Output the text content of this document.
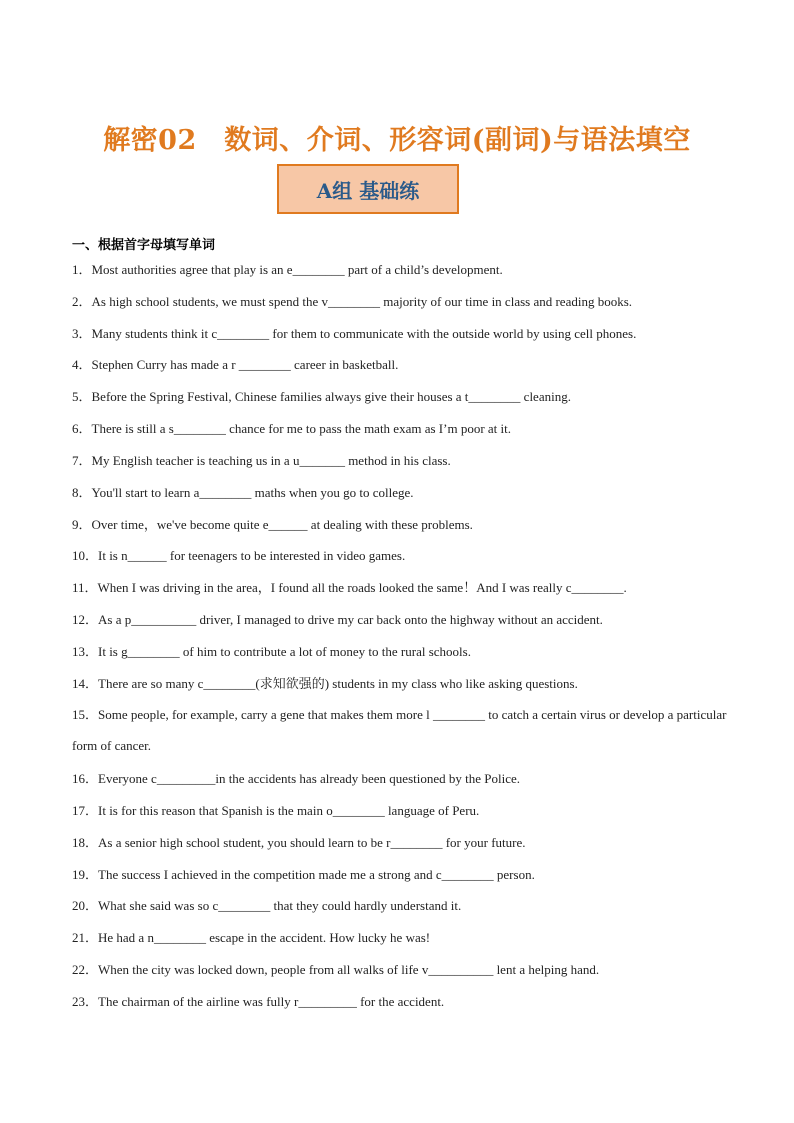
解密02　数词、介词、形容词(副词)与语法填空
A组 基础练
一、根据首字母填写单词
1．Most authorities agree that play is an e________ part of a child’s development.
2．As high school students, we must spend the v________ majority of our time in class and reading books.
3．Many students think it c________ for them to communicate with the outside world by using cell phones.
4．Stephen Curry has made a r ________ career in basketball.
5．Before the Spring Festival, Chinese families always give their houses a t________ cleaning.
6．There is still a s________ chance for me to pass the math exam as I’m poor at it.
7．My English teacher is teaching us in a u_______ method in his class.
8．You'll start to learn a________ maths when you go to college.
9．Over time，we've become quite e______ at dealing with these problems.
10．It is n______ for teenagers to be interested in video games.
11．When I was driving in the area，I found all the roads looked the same！And I was really c________.
12．As a p__________ driver, I managed to drive my car back onto the highway without an accident.
13．It is g________ of him to contribute a lot of money to the rural schools.
14．There are so many c________(求知欲强的) students in my class who like asking questions.
15．Some people, for example, carry a gene that makes them more l ________ to catch a certain virus or develop a particular form of cancer.
16．Everyone c_________in the accidents has already been questioned by the Police.
17．It is for this reason that Spanish is the main o________ language of Peru.
18．As a senior high school student, you should learn to be r________ for your future.
19．The success I achieved in the competition made me a strong and c________ person.
20．What she said was so c________ that they could hardly understand it.
21．He had a n________ escape in the accident. How lucky he was!
22．When the city was locked down, people from all walks of life v__________ lent a helping hand.
23．The chairman of the airline was fully r_________ for the accident.
